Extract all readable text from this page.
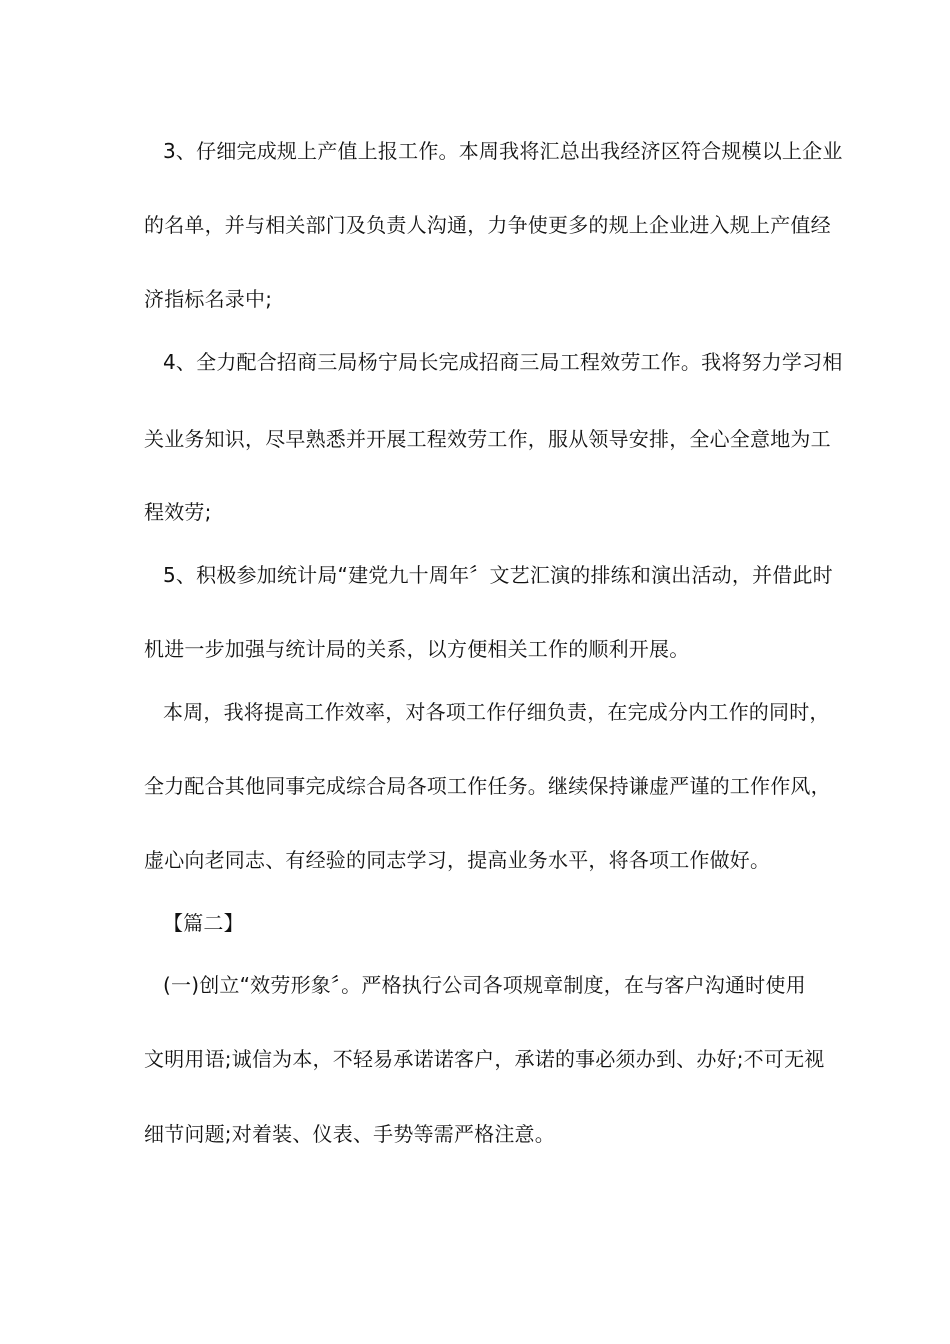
3、仔细完成规上产值上报工作。本周我将汇总出我经济区符合规模以上企业
的名单，并与相关部门及负责人沟通，力争使更多的规上企业进入规上产值经
济指标名录中;
4、全力配合招商三局杨宁局长完成招商三局工程效劳工作。我将努力学习相
关业务知识，尽早熟悉并开展工程效劳工作，服从领导安排，全心全意地为工
程效劳;
5、积极参加统计局“建党九十周年〞文艺汇演的排练和演出活动，并借此时
机进一步加强与统计局的关系，以方便相关工作的顺利开展。
本周，我将提高工作效率，对各项工作仔细负责，在完成分内工作的同时，
全力配合其他同事完成综合局各项工作任务。继续保持谦虚严谨的工作作风，
虚心向老同志、有经验的同志学习，提高业务水平，将各项工作做好。
【篇二】
(一)创立“效劳形象〞。严格执行公司各项规章制度，在与客户沟通时使用
文明用语;诚信为本，不轻易承诺诺客户，承诺的事必须办到、办好;不可无视
细节问题;对着装、仪表、手势等需严格注意。
